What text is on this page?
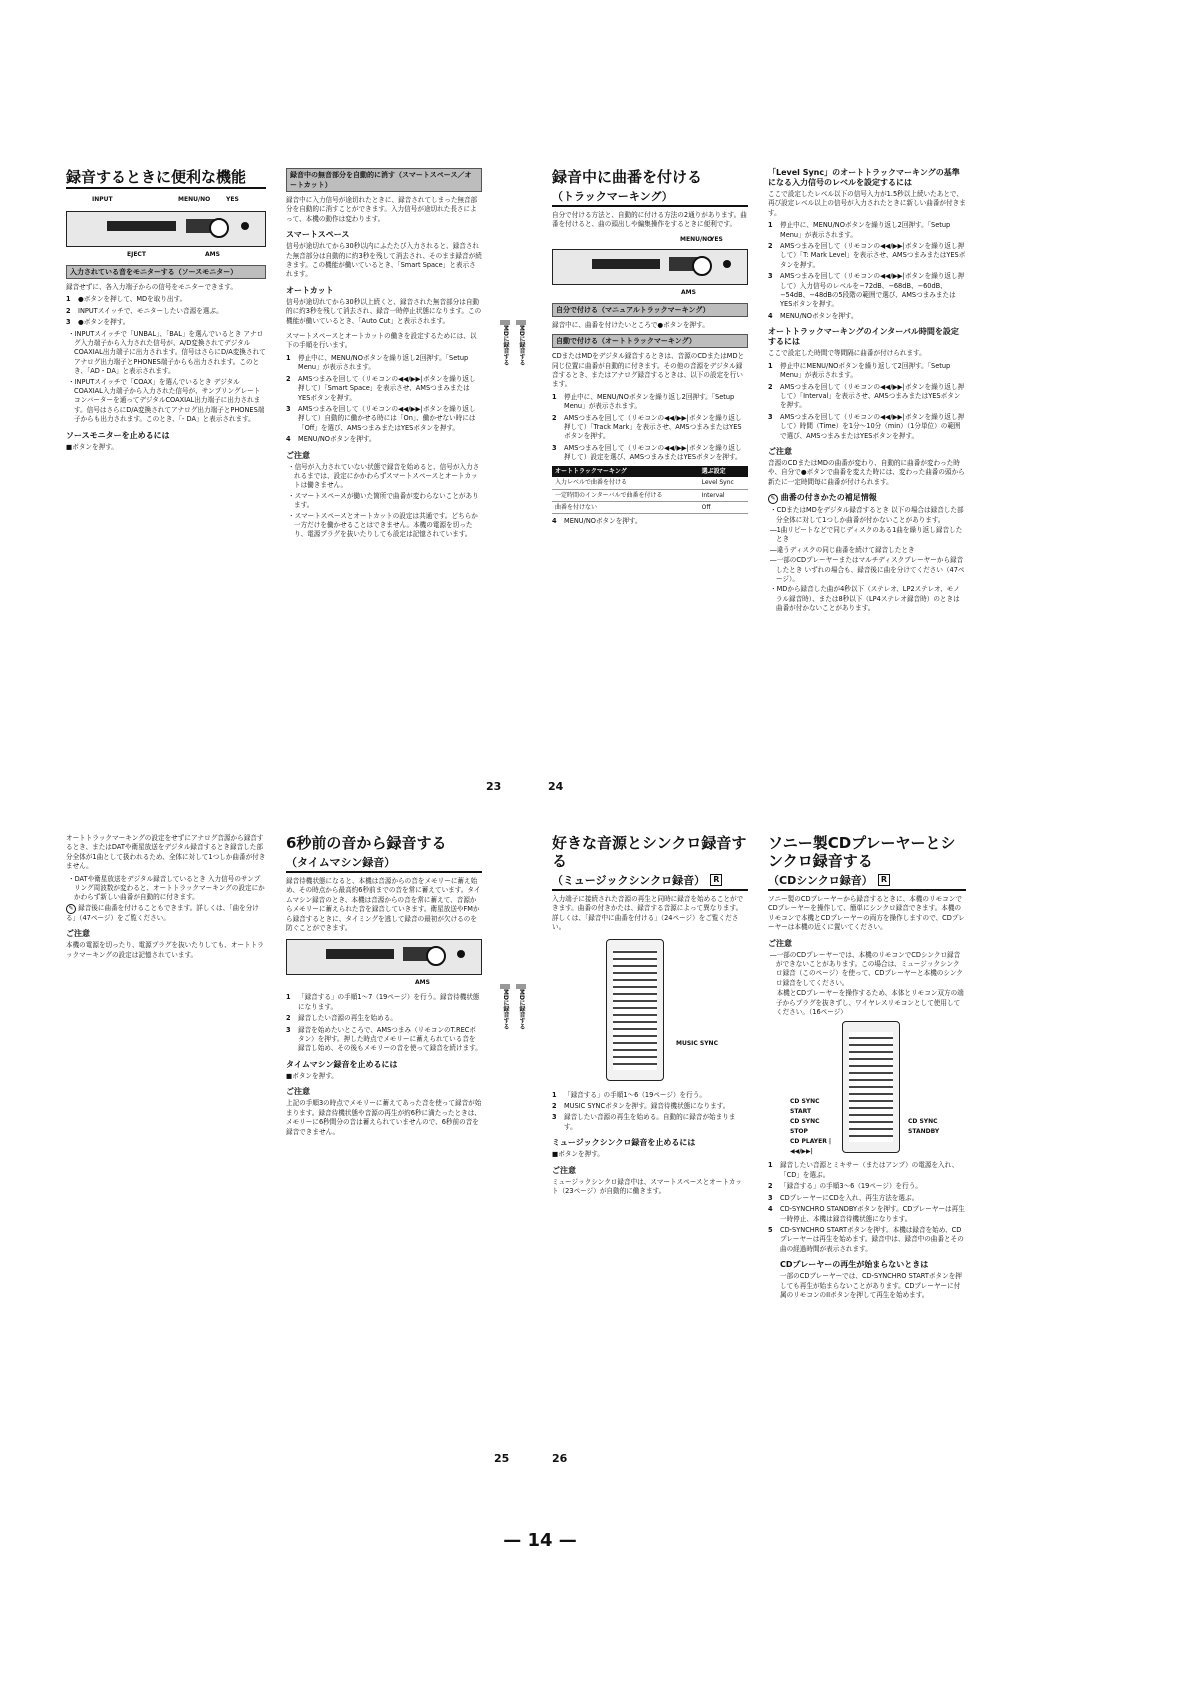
録音するときに便利な機能
INPUT	MENU/NO	YES
EJECT	AMS
入力されている音をモニターする（ソースモニター）

録音せずに、各入力端子からの信号をモニターできます。

1	●ボタンを押して、MDを取り出す。
2	INPUTスイッチで、モニターしたい音源を選ぶ。
3	●ボタンを押す。
・INPUTスイッチで「UNBAL」、「BAL」を選んでいるとき アナログ入力端子から入力された信号が、A/D変換されてデジタルCOAXIAL出力端子に出力されます。信号はさらにD/A変換されてアナログ出力端子とPHONES端子からも出力されます。このとき、「AD・DA」と表示されます。
・INPUTスイッチで「COAX」を選んでいるとき デジタルCOAXIAL入力端子から入力された信号が、サンプリングレートコンバーターを通ってデジタルCOAXIAL出力端子に出力されます。信号はさらにD/A変換されてアナログ出力端子とPHONES端子からも出力されます。このとき、「- DA」と表示されます。
ソースモニターを止めるには

■ボタンを押す。

録音中の無音部分を自動的に消す（スマートスペース／オートカット）

録音中に入力信号が途切れたときに、録音されてしまった無音部分を自動的に消すことができます。入力信号が途切れた長さによって、本機の動作は変わります。

スマートスペース

信号が途切れてから30秒以内にふたたび入力されると、録音された無音部分は自動的に約3秒を残して消去され、そのまま録音が続きます。この機能が働いているとき、「Smart Space」と表示されます。

オートカット

信号が途切れてから30秒以上続くと、録音された無音部分は自動的に約3秒を残して消去され、録音一時停止状態になります。この機能が働いているとき、「Auto Cut」と表示されます。

スマートスペースとオートカットの働きを設定するためには、以下の手順を行います。

1	停止中に、MENU/NOボタンを繰り返し2回押す。「Setup Menu」が表示されます。
2	AMSつまみを回して（リモコンの◀◀/▶▶|ボタンを繰り返し押して）「Smart Space」を表示させ、AMSつまみまたはYESボタンを押す。
3	AMSつまみを回して（リモコンの◀◀/▶▶|ボタンを繰り返し押して）自動的に働かせる時には「On」、働かせない時には「Off」を選び、AMSつまみまたはYESボタンを押す。
4	MENU/NOボタンを押す。
ご注意
・信号が入力されていない状態で録音を始めると、信号が入力されるまでは、設定にかかわらずスマートスペースとオートカットは働きません。
・スマートスペースが働いた箇所で曲番が変わらないことがあります。
・スマートスペースとオートカットの設定は共通です。どちらか一方だけを働かせることはできません。本機の電源を切ったり、電源プラグを抜いたりしても設定は記憶されています。
MDに録音する	MDに録音する
録音中に曲番を付ける
（トラックマーキング）

自分で付ける方法と、自動的に付ける方法の2通りがあります。曲番を付けると、曲の頭出しや編集操作をするときに便利です。

MENU/NO
YES
AMS
自分で付ける（マニュアルトラックマーキング）

録音中に、曲番を付けたいところで●ボタンを押す。

自動で付ける（オートトラックマーキング）

CDまたはMDをデジタル録音するときは、音源のCDまたはMDと同じ位置に曲番が自動的に付きます。その他の音源をデジタル録音するとき、またはアナログ録音するときは、以下の設定を行います。

1	停止中に、MENU/NOボタンを繰り返し2回押す。「Setup Menu」が表示されます。
2	AMSつまみを回して（リモコンの◀◀/▶▶|ボタンを繰り返し押して）「Track Mark」を表示させ、AMSつまみまたはYESボタンを押す。
3	AMSつまみを回して（リモコンの◀◀/▶▶|ボタンを繰り返し押して）設定を選び、AMSつまみまたはYESボタンを押す。
オートトラックマーキング	選ぶ設定
入力レベルで曲番を付ける	Level Sync
一定時間のインターバルで曲番を付ける	Interval
曲番を付けない	Off
4	MENU/NOボタンを押す。
「Level Sync」のオートトラックマーキングの基準になる入力信号のレベルを設定するには

ここで設定したレベル以下の信号入力が1.5秒以上続いたあとで、再び設定レベル以上の信号が入力されたときに新しい曲番が付きます。

1	停止中に、MENU/NOボタンを繰り返し2回押す。「Setup Menu」が表示されます。
2	AMSつまみを回して（リモコンの◀◀/▶▶|ボタンを繰り返し押して）「T: Mark Level」を表示させ、AMSつまみまたはYESボタンを押す。
3	AMSつまみを回して（リモコンの◀◀/▶▶|ボタンを繰り返し押して）入力信号のレベルを−72dB、−68dB、−60dB、−54dB、−48dBの5段階の範囲で選び、AMSつまみまたはYESボタンを押す。
4	MENU/NOボタンを押す。
オートトラックマーキングのインターバル時間を設定するには

ここで設定した時間で等間隔に曲番が付けられます。

1	停止中にMENU/NOボタンを繰り返して2回押す。「Setup Menu」が表示されます。
2	AMSつまみを回して（リモコンの◀◀/▶▶|ボタンを繰り返し押して）「Interval」を表示させ、AMSつまみまたはYESボタンを押す。
3	AMSつまみを回して（リモコンの◀◀/▶▶|ボタンを繰り返し押して）時間（Time）を1分〜10分（min）（1分単位）の範囲で選び、AMSつまみまたはYESボタンを押す。
ご注意

音源のCDまたはMDの曲番が変わり、自動的に曲番が変わった時や、自分で●ボタンで曲番を変えた時には、変わった曲番の頭から新たに一定時間毎に曲番が付けられます。

✎ 曲番の付きかたの補足情報
・CDまたはMDをデジタル録音するとき 以下の場合は録音した部分全体に対して1つしか曲番が付かないことがあります。
―1曲リピートなどで同じディスクのある1曲を繰り返し録音したとき
―違うディスクの同じ曲番を続けて録音したとき
―一部のCDプレーヤーまたはマルチディスクプレーヤーから録音したとき いずれの場合も、録音後に曲を分けてください（47ページ）。
・MDから録音した曲が4秒以下（ステレオ、LP2ステレオ、モノラル録音時）、または8秒以下（LP4ステレオ録音時）のときは曲番が付かないことがあります。
23	24

オートトラックマーキングの設定をせずにアナログ音源から録音するとき、またはDATや衛星放送をデジタル録音するとき録音した部分全体が1曲として扱われるため、全体に対して1つしか曲番が付きません。

・DATや衛星放送をデジタル録音しているとき 入力信号のサンプリング周波数が変わると、オートトラックマーキングの設定にかかわらず新しい曲番が自動的に付きます。

✎ 録音後に曲番を付けることもできます。詳しくは、「曲を分ける」（47ページ）をご覧ください。

ご注意

本機の電源を切ったり、電源プラグを抜いたりしても、オートトラックマーキングの設定は記憶されています。

6秒前の音から録音する
（タイムマシン録音）

録音待機状態になると、本機は音源からの音をメモリーに蓄え始め、その時点から最高約6秒前までの音を常に蓄えています。タイムマシン録音のとき、本機は音源からの音を常に蓄えて、音源からメモリーに蓄えられた音を録音していきます。衛星放送やFMから録音するときに、タイミングを逃して録音の最初が欠けるのを防ぐことができます。

AMS
1	「録音する」の手順1〜7（19ページ）を行う。録音待機状態になります。
2	録音したい音源の再生を始める。
3	録音を始めたいところで、AMSつまみ（リモコンのT.RECボタン）を押す。押した時点でメモリーに蓄えられている音を録音し始め、その後もメモリーの音を使って録音を続けます。
タイムマシン録音を止めるには

■ボタンを押す。

ご注意

上記の手順3の時点でメモリーに蓄えてあった音を使って録音が始まります。録音待機状態や音源の再生が約6秒に満たったときは、メモリーに6秒間分の音は蓄えられていませんので、6秒前の音を録音できません。

MDに録音する	MDに録音する
好きな音源とシンクロ録音する
（ミュージックシンクロ録音） R

入力端子に接続された音源の再生と同時に録音を始めることができます。曲番の付きかたは、録音する音源によって異なります。詳しくは、「録音中に曲番を付ける」（24ページ）をご覧ください。

MUSIC SYNC
1	「録音する」の手順1〜6（19ページ）を行う。
2	MUSIC SYNCボタンを押す。録音待機状態になります。
3	録音したい音源の再生を始める。自動的に録音が始まります。
ミュージックシンクロ録音を止めるには

■ボタンを押す。

ご注意

ミュージックシンクロ録音中は、スマートスペースとオートカット（23ページ）が自動的に働きます。

ソニー製CDプレーヤーとシンクロ録音する
（CDシンクロ録音） R

ソニー製のCDプレーヤーから録音するときに、本機のリモコンでCDプレーヤーを操作して、簡単にシンクロ録音できます。本機のリモコンで本機とCDプレーヤーの両方を操作しますので、CDプレーヤーは本機の近くに置いてください。

ご注意
―一部のCDプレーヤーでは、本機のリモコンでCDシンクロ録音ができないことがあります。この場合は、ミュージックシンクロ録音（このページ）を使って、CDプレーヤーと本機のシンクロ録音をしてください。
　本機とCDプレーヤーを操作するため、本体とリモコン双方の端子からプラグを抜きずし、ワイヤレスリモコンとして使用してください。（16ページ）
CD SYNC START
CD SYNC STOP
CD PLAYER |◀◀/▶▶|
CD SYNC STANDBY
1	録音したい音源とミキサー（またはアンプ）の電源を入れ、「CD」を選ぶ。
2	「録音する」の手順3〜6（19ページ）を行う。
3	CDプレーヤーにCDを入れ、再生方法を選ぶ。
4	CD-SYNCHRO STANDBYボタンを押す。CDプレーヤーは再生一時停止、本機は録音待機状態になります。
5	CD-SYNCHRO STARTボタンを押す。本機は録音を始め、CDプレーヤーは再生を始めます。録音中は、録音中の曲番とその曲の経過時間が表示されます。
CDプレーヤーの再生が始まらないときは

一部のCDプレーヤーでは、CD-SYNCHRO STARTボタンを押しても再生が始まらないことがあります。CDプレーヤーに付属のリモコンのIIボタンを押して再生を始めます。

25	26
— 14 —
